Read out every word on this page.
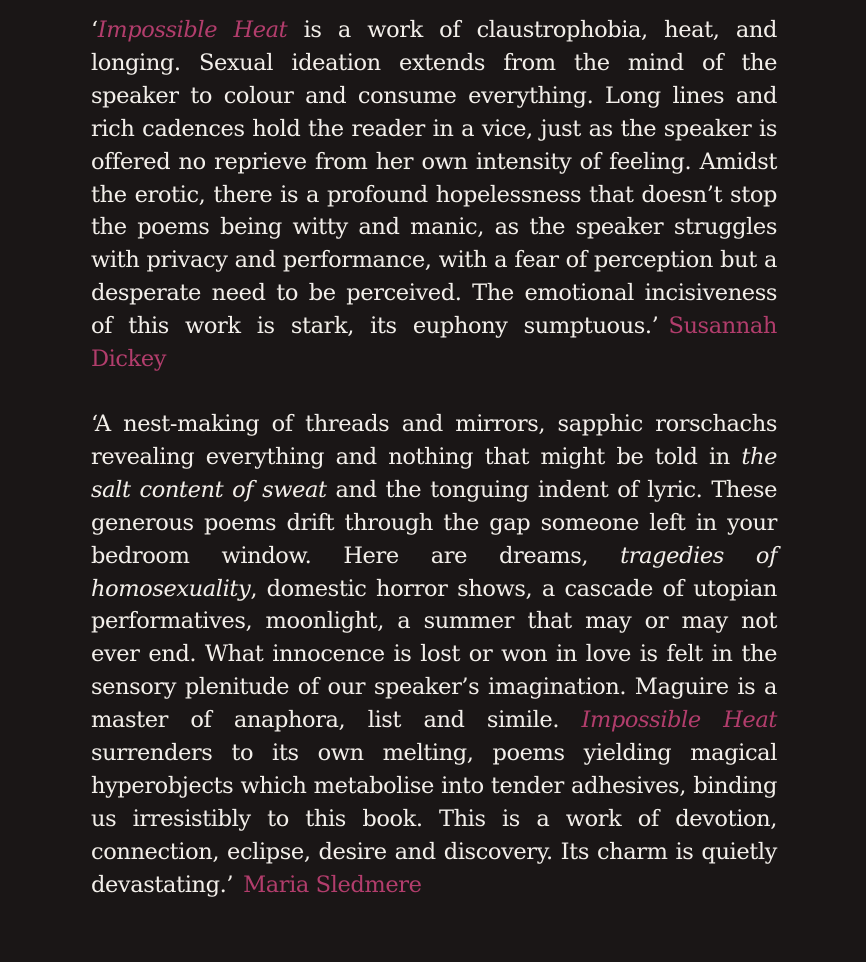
‘Impossible Heat is a work of claustrophobia, heat, and longing. Sexual ideation extends from the mind of the speaker to colour and consume everything. Long lines and rich cadences hold the reader in a vice, just as the speaker is offered no reprieve from her own intensity of feeling. Amidst the erotic, there is a profound hopelessness that doesn’t stop the poems being witty and manic, as the speaker struggles with privacy and performance, with a fear of perception but a desperate need to be perceived. The emotional incisiveness of this work is stark, its euphony sumptuous.’ Susannah Dickey

‘A nest-making of threads and mirrors, sapphic rorschachs revealing everything and nothing that might be told in the salt content of sweat and the tonguing indent of lyric. These generous poems drift through the gap someone left in your bedroom window. Here are dreams, tragedies of homosexuality, domestic horror shows, a cascade of utopian performatives, moonlight, a summer that may or may not ever end. What innocence is lost or won in love is felt in the sensory plenitude of our speaker’s imagination. Maguire is a master of anaphora, list and simile. Impossible Heat surrenders to its own melting, poems yielding magical hyperobjects which metabolise into tender adhesives, binding us irresistibly to this book. This is a work of devotion, connection, eclipse, desire and discovery. Its charm is quietly devastating.’ Maria Sledmere
